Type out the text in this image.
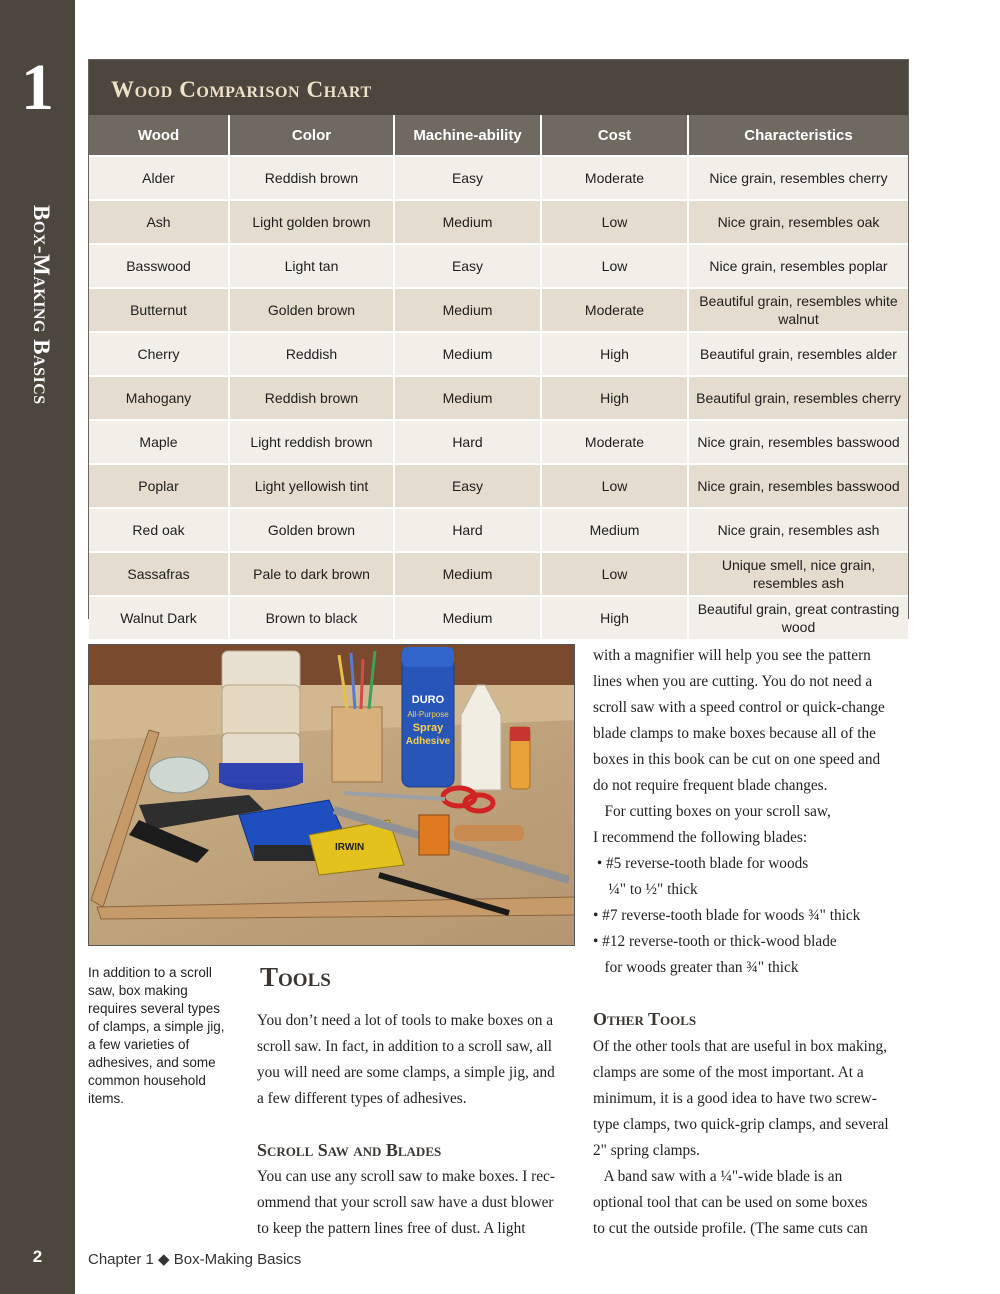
1
Box-Making Basics
2
Wood Comparison Chart
Wood	Color	Machine-ability	Cost	Characteristics
Alder	Reddish brown	Easy	Moderate	Nice grain, resembles cherry
Ash	Light golden brown	Medium	Low	Nice grain, resembles oak
Basswood	Light tan	Easy	Low	Nice grain, resembles poplar
Butternut	Golden brown	Medium	Moderate	Beautiful grain, resembles white walnut
Cherry	Reddish	Medium	High	Beautiful grain, resembles alder
Mahogany	Reddish brown	Medium	High	Beautiful grain, resembles cherry
Maple	Light reddish brown	Hard	Moderate	Nice grain, resembles basswood
Poplar	Light yellowish tint	Easy	Low	Nice grain, resembles basswood
Red oak	Golden brown	Hard	Medium	Nice grain, resembles ash
Sassafras	Pale to dark brown	Medium	Low	Unique smell, nice grain, resembles ash
Walnut Dark	Brown to black	Medium	High	Beautiful grain, great contrasting wood
DURO
All-Purpose
Spray
Adhesive
IRWIN
In addition to a scroll saw, box making requires several types of clamps, a simple jig, a few varieties of adhesives, and some common household items.
Tools

You don’t need a lot of tools to make boxes on a

scroll saw. In fact, in addition to a scroll saw, all

you will need are some clamps, a simple jig, and

a few different types of adhesives.

Scroll Saw and Blades

You can use any scroll saw to make boxes. I rec-

ommend that your scroll saw have a dust blower

to keep the pattern lines free of dust. A light

with a magnifier will help you see the pattern

lines when you are cutting. You do not need a

scroll saw with a speed control or quick-change

blade clamps to make boxes because all of the

boxes in this book can be cut on one speed and

do not require frequent blade changes.

For cutting boxes on your scroll saw,

I recommend the following blades:

• #5 reverse-tooth blade for woods

¼" to ½" thick

• #7 reverse-tooth blade for woods ¾" thick

• #12 reverse-tooth or thick-wood blade

for woods greater than ¾" thick

Other Tools

Of the other tools that are useful in box making,

clamps are some of the most important. At a

minimum, it is a good idea to have two screw-

type clamps, two quick-grip clamps, and several

2" spring clamps.

A band saw with a ¼"-wide blade is an

optional tool that can be used on some boxes

to cut the outside profile. (The same cuts can

Chapter 1 ◆ Box-Making Basics
